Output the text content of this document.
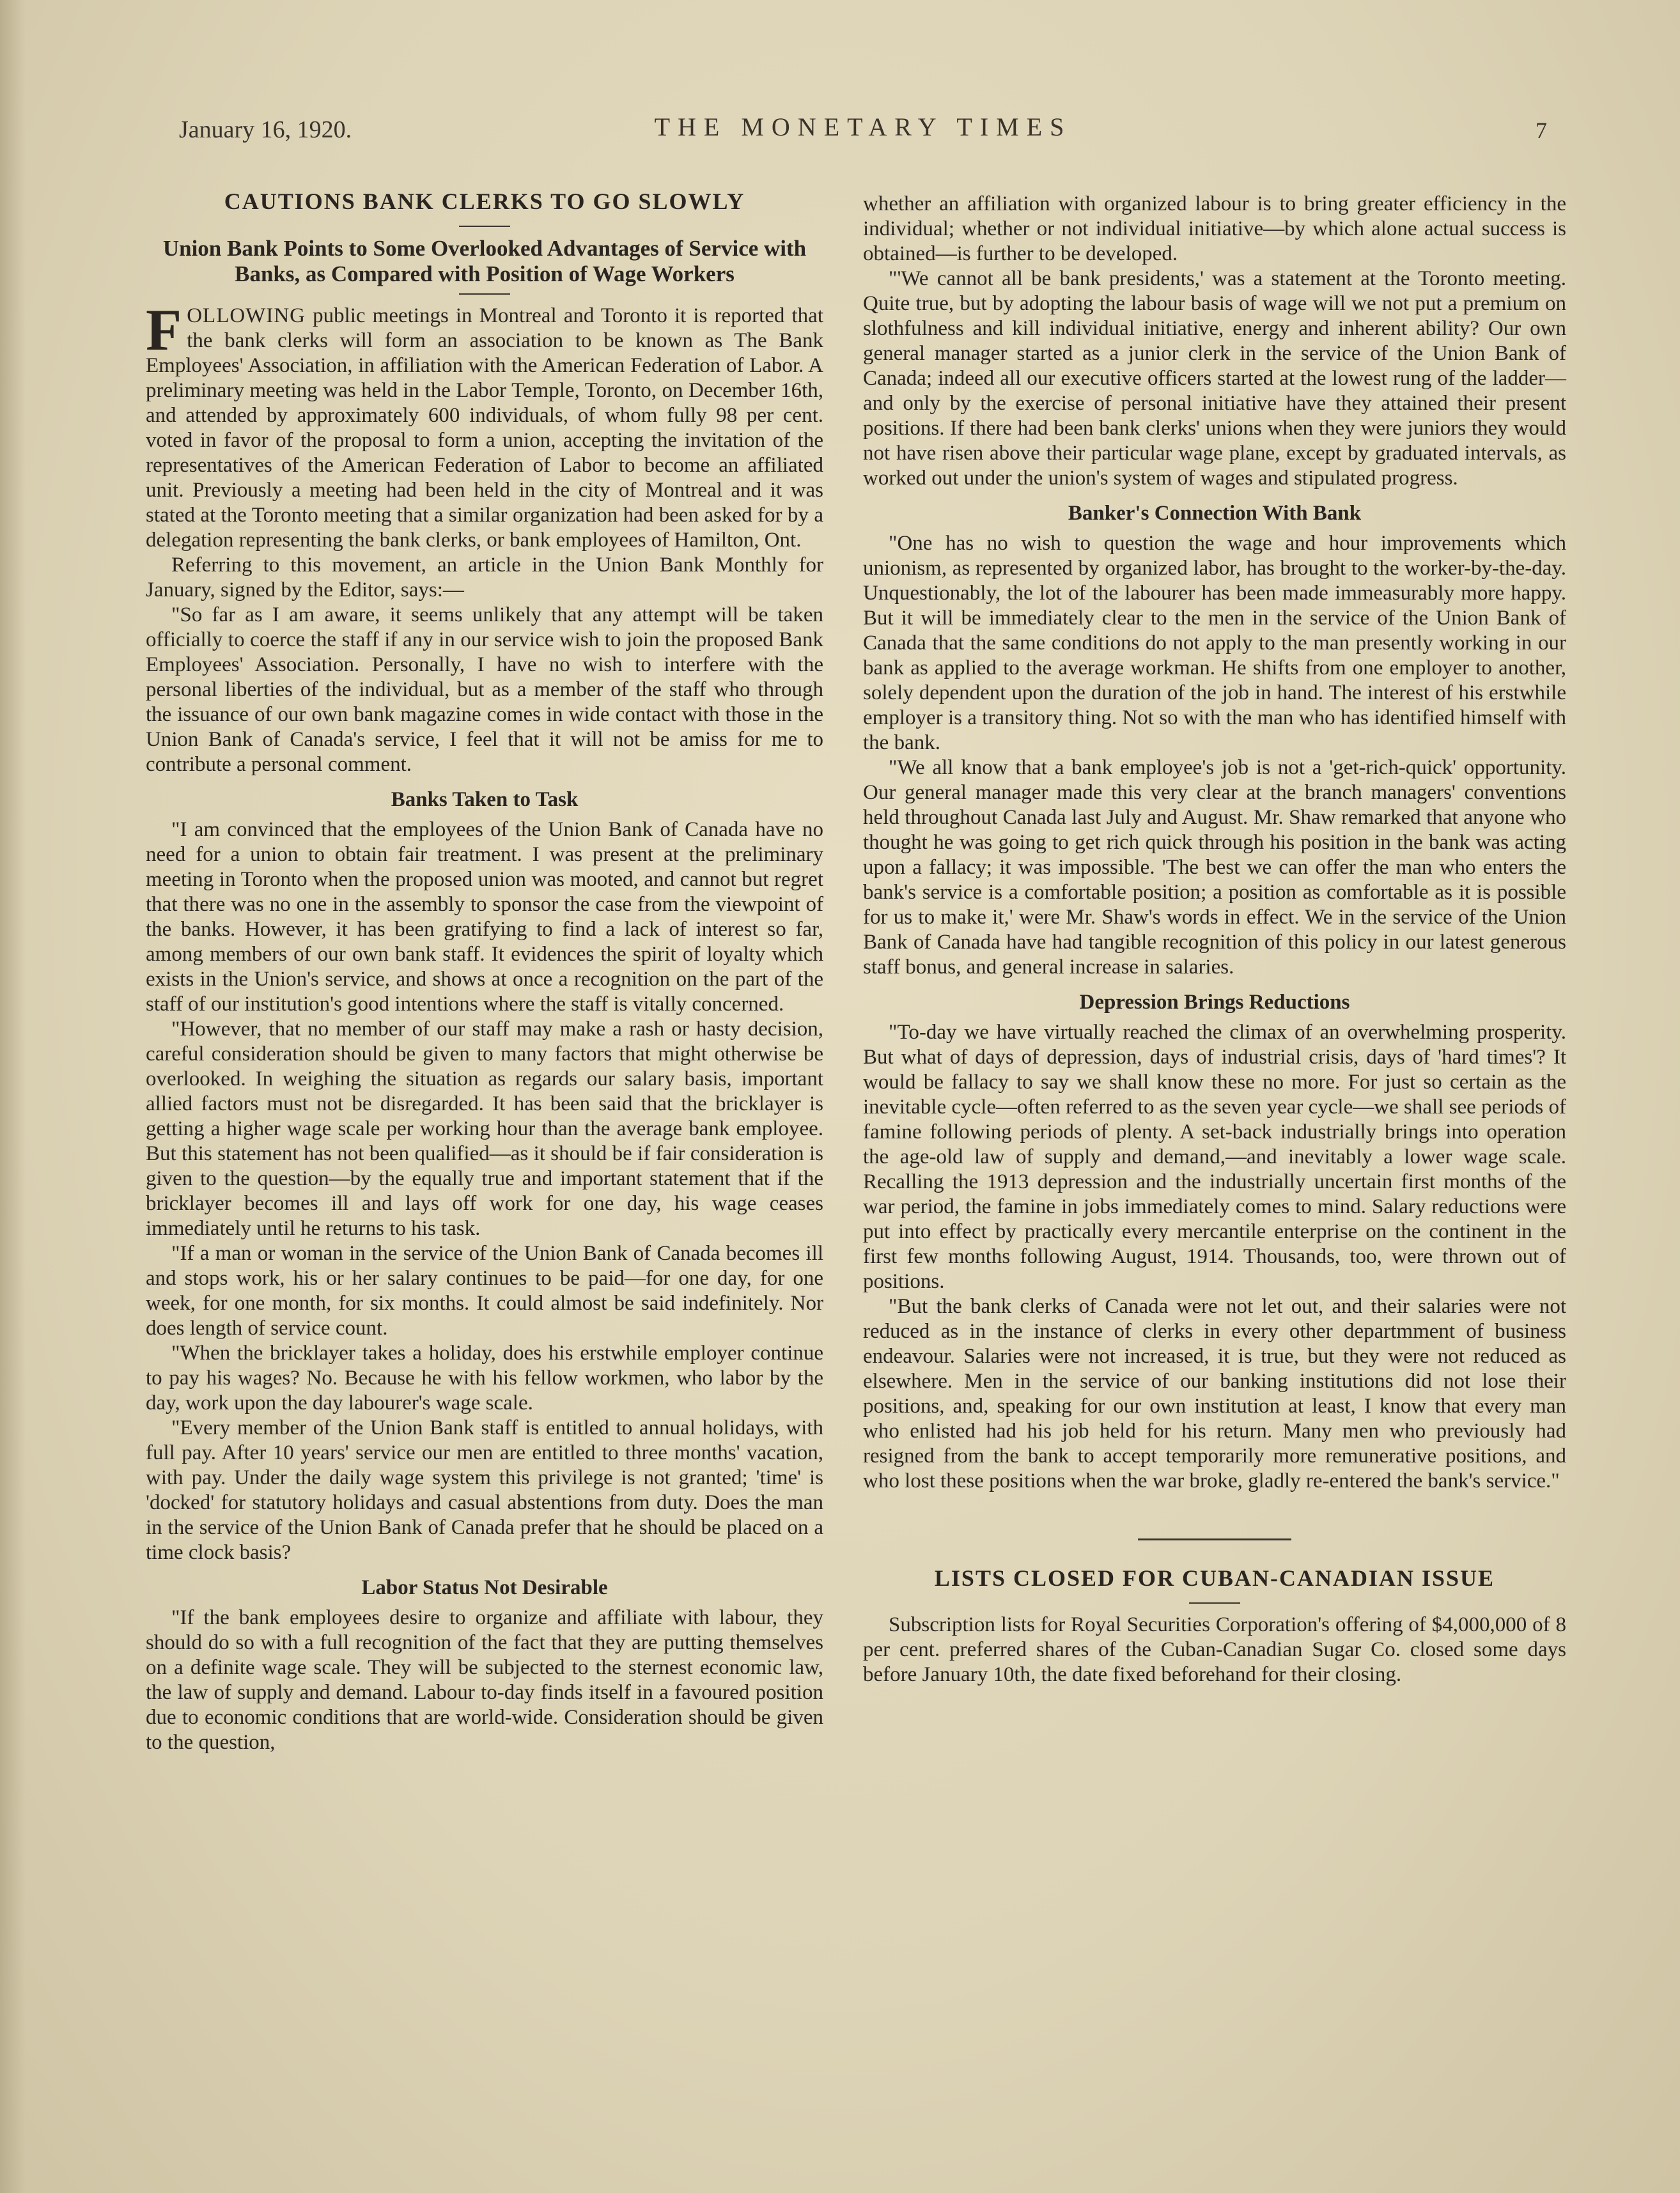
January 16, 1920.	THE MONETARY TIMES	7
CAUTIONS BANK CLERKS TO GO SLOWLY
Union Bank Points to Some Overlooked Advantages of Service with Banks, as Compared with Position of Wage Workers

FOLLOWING public meetings in Montreal and Toronto it is reported that the bank clerks will form an association to be known as The Bank Employees' Association, in affiliation with the American Federation of Labor. A preliminary meeting was held in the Labor Temple, Toronto, on December 16th, and attended by approximately 600 individuals, of whom fully 98 per cent. voted in favor of the proposal to form a union, accepting the invitation of the representatives of the American Federation of Labor to become an affiliated unit. Previously a meeting had been held in the city of Montreal and it was stated at the Toronto meeting that a similar organization had been asked for by a delegation representing the bank clerks, or bank employees of Hamilton, Ont.

Referring to this movement, an article in the Union Bank Monthly for January, signed by the Editor, says:—

"So far as I am aware, it seems unlikely that any attempt will be taken officially to coerce the staff if any in our service wish to join the proposed Bank Employees' Association. Personally, I have no wish to interfere with the personal liberties of the individual, but as a member of the staff who through the issuance of our own bank magazine comes in wide contact with those in the Union Bank of Canada's service, I feel that it will not be amiss for me to contribute a personal comment.

Banks Taken to Task

"I am convinced that the employees of the Union Bank of Canada have no need for a union to obtain fair treatment. I was present at the preliminary meeting in Toronto when the proposed union was mooted, and cannot but regret that there was no one in the assembly to sponsor the case from the viewpoint of the banks. However, it has been gratifying to find a lack of interest so far, among members of our own bank staff. It evidences the spirit of loyalty which exists in the Union's service, and shows at once a recognition on the part of the staff of our institution's good intentions where the staff is vitally concerned.

"However, that no member of our staff may make a rash or hasty decision, careful consideration should be given to many factors that might otherwise be overlooked. In weighing the situation as regards our salary basis, important allied factors must not be disregarded. It has been said that the bricklayer is getting a higher wage scale per working hour than the average bank employee. But this statement has not been qualified—as it should be if fair consideration is given to the question—by the equally true and important statement that if the bricklayer becomes ill and lays off work for one day, his wage ceases immediately until he returns to his task.

"If a man or woman in the service of the Union Bank of Canada becomes ill and stops work, his or her salary continues to be paid—for one day, for one week, for one month, for six months. It could almost be said indefinitely. Nor does length of service count.

"When the bricklayer takes a holiday, does his erstwhile employer continue to pay his wages? No. Because he with his fellow workmen, who labor by the day, work upon the day labourer's wage scale.

"Every member of the Union Bank staff is entitled to annual holidays, with full pay. After 10 years' service our men are entitled to three months' vacation, with pay. Under the daily wage system this privilege is not granted; 'time' is 'docked' for statutory holidays and casual abstentions from duty. Does the man in the service of the Union Bank of Canada prefer that he should be placed on a time clock basis?

Labor Status Not Desirable

"If the bank employees desire to organize and affiliate with labour, they should do so with a full recognition of the fact that they are putting themselves on a definite wage scale. They will be subjected to the sternest economic law, the law of supply and demand. Labour to-day finds itself in a favoured position due to economic conditions that are world-wide. Consideration should be given to the question,

whether an affiliation with organized labour is to bring greater efficiency in the individual; whether or not individual initiative—by which alone actual success is obtained—is further to be developed.

"'We cannot all be bank presidents,' was a statement at the Toronto meeting. Quite true, but by adopting the labour basis of wage will we not put a premium on slothfulness and kill individual initiative, energy and inherent ability? Our own general manager started as a junior clerk in the service of the Union Bank of Canada; indeed all our executive officers started at the lowest rung of the ladder—and only by the exercise of personal initiative have they attained their present positions. If there had been bank clerks' unions when they were juniors they would not have risen above their particular wage plane, except by graduated intervals, as worked out under the union's system of wages and stipulated progress.

Banker's Connection With Bank

"One has no wish to question the wage and hour improvements which unionism, as represented by organized labor, has brought to the worker-by-the-day. Unquestionably, the lot of the labourer has been made immeasurably more happy. But it will be immediately clear to the men in the service of the Union Bank of Canada that the same conditions do not apply to the man presently working in our bank as applied to the average workman. He shifts from one employer to another, solely dependent upon the duration of the job in hand. The interest of his erstwhile employer is a transitory thing. Not so with the man who has identified himself with the bank.

"We all know that a bank employee's job is not a 'get-rich-quick' opportunity. Our general manager made this very clear at the branch managers' conventions held throughout Canada last July and August. Mr. Shaw remarked that anyone who thought he was going to get rich quick through his position in the bank was acting upon a fallacy; it was impossible. 'The best we can offer the man who enters the bank's service is a comfortable position; a position as comfortable as it is possible for us to make it,' were Mr. Shaw's words in effect. We in the service of the Union Bank of Canada have had tangible recognition of this policy in our latest generous staff bonus, and general increase in salaries.

Depression Brings Reductions

"To-day we have virtually reached the climax of an overwhelming prosperity. But what of days of depression, days of industrial crisis, days of 'hard times'? It would be fallacy to say we shall know these no more. For just so certain as the inevitable cycle—often referred to as the seven year cycle—we shall see periods of famine following periods of plenty. A set-back industrially brings into operation the age-old law of supply and demand,—and inevitably a lower wage scale. Recalling the 1913 depression and the industrially uncertain first months of the war period, the famine in jobs immediately comes to mind. Salary reductions were put into effect by practically every mercantile enterprise on the continent in the first few months following August, 1914. Thousands, too, were thrown out of positions.

"But the bank clerks of Canada were not let out, and their salaries were not reduced as in the instance of clerks in every other departmment of business endeavour. Salaries were not increased, it is true, but they were not reduced as elsewhere. Men in the service of our banking institutions did not lose their positions, and, speaking for our own institution at least, I know that every man who enlisted had his job held for his return. Many men who previously had resigned from the bank to accept temporarily more remunerative positions, and who lost these positions when the war broke, gladly re-entered the bank's service."

LISTS CLOSED FOR CUBAN-CANADIAN ISSUE

Subscription lists for Royal Securities Corporation's offering of $4,000,000 of 8 per cent. preferred shares of the Cuban-Canadian Sugar Co. closed some days before January 10th, the date fixed beforehand for their closing.
